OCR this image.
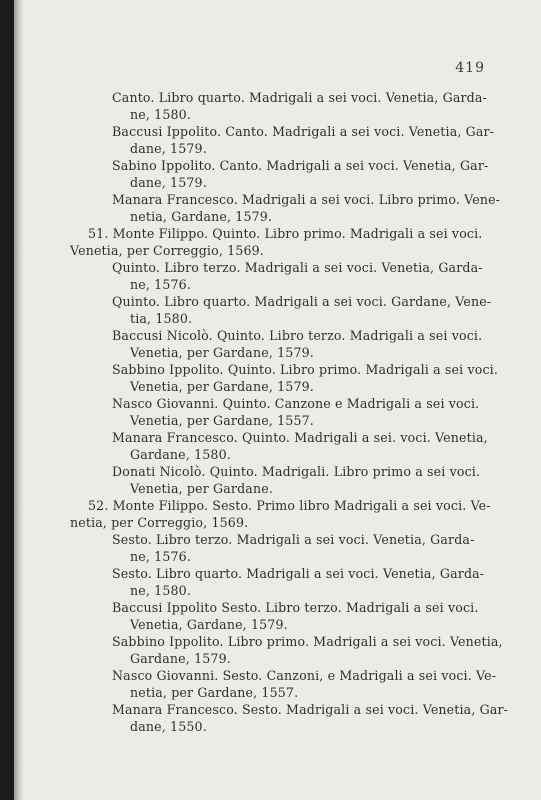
419
Canto. Libro quarto. Madrigali a sei voci. Venetia, Garda-
ne, 1580.
Baccusi Ippolito. Canto. Madrigali a sei voci. Venetia, Gar-
dane, 1579.
Sabino Ippolito. Canto. Madrigali a sei voci. Venetia, Gar-
dane, 1579.
Manara Francesco. Madrigali a sei voci. Libro primo. Vene-
netia, Gardane, 1579.
51. Monte Filippo. Quinto. Libro primo. Madrigali a sei voci.
Venetia, per Correggio, 1569.
Quinto. Libro terzo. Madrigali a sei voci. Venetia, Garda-
ne, 1576.
Quinto. Libro quarto. Madrigali a sei voci. Gardane, Vene-
tia, 1580.
Baccusi Nicolò. Quinto. Libro terzo. Madrigali a sei voci.
Venetia, per Gardane, 1579.
Sabbino Ippolito. Quinto. Libro primo. Madrigali a sei voci.
Venetia, per Gardane, 1579.
Nasco Giovanni. Quinto. Canzone e Madrigali a sei voci.
Venetia, per Gardane, 1557.
Manara Francesco. Quinto. Madrigali a sei. voci. Venetia,
Gardane, 1580.
Donati Nicolò. Quinto. Madrigali. Libro primo a sei voci.
Venetia, per Gardane.
52. Monte Filippo. Sesto. Primo libro Madrigali a sei voci. Ve-
netia, per Correggio, 1569.
Sesto. Libro terzo. Madrigali a sei voci. Venetia, Garda-
ne, 1576.
Sesto. Libro quarto. Madrigali a sei voci. Venetia, Garda-
ne, 1580.
Baccusi Ippolito Sesto. Libro terzo. Madrigali a sei voci.
Venetia, Gardane, 1579.
Sabbino Ippolito. Libro primo. Madrigali a sei voci. Venetia,
Gardane, 1579.
Nasco Giovanni. Sesto. Canzoni, e Madrigali a sei voci. Ve-
netia, per Gardane, 1557.
Manara Francesco. Sesto. Madrigali a sei voci. Venetia, Gar-
dane, 1550.
